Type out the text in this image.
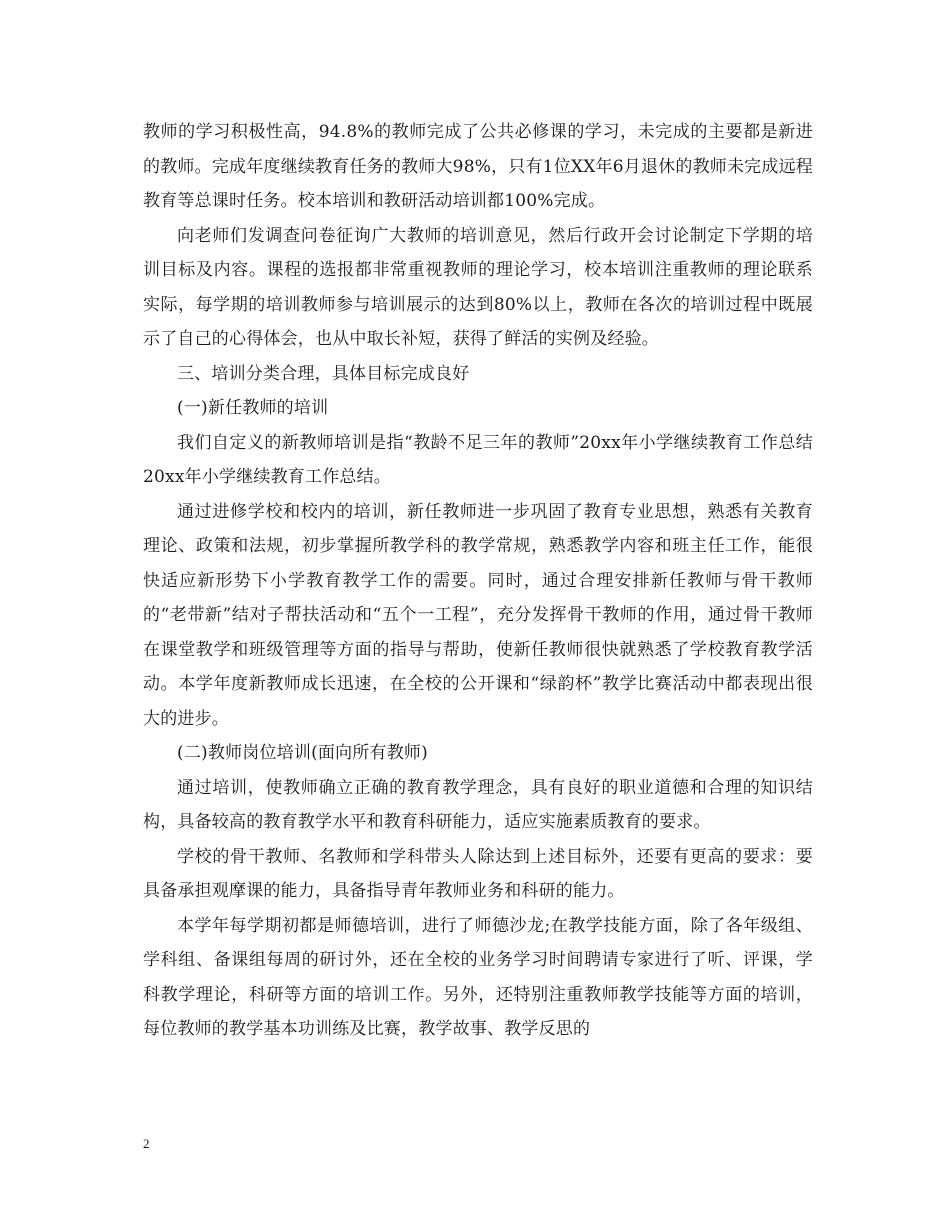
教师的学习积极性高，94.8%的教师完成了公共必修课的学习，未完成的主要都是新进的教师。完成年度继续教育任务的教师大98%，只有1位XX年6月退休的教师未完成远程教育等总课时任务。校本培训和教研活动培训都100%完成。

向老师们发调查问卷征询广大教师的培训意见，然后行政开会讨论制定下学期的培训目标及内容。课程的选报都非常重视教师的理论学习，校本培训注重教师的理论联系实际，每学期的培训教师参与培训展示的达到80%以上，教师在各次的培训过程中既展示了自己的心得体会，也从中取长补短，获得了鲜活的实例及经验。

三、培训分类合理，具体目标完成良好

(一)新任教师的培训

我们自定义的新教师培训是指“教龄不足三年的教师”20xx年小学继续教育工作总结20xx年小学继续教育工作总结。

通过进修学校和校内的培训，新任教师进一步巩固了教育专业思想，熟悉有关教育理论、政策和法规，初步掌握所教学科的教学常规，熟悉教学内容和班主任工作，能很快适应新形势下小学教育教学工作的需要。同时，通过合理安排新任教师与骨干教师的“老带新”结对子帮扶活动和“五个一工程”，充分发挥骨干教师的作用，通过骨干教师在课堂教学和班级管理等方面的指导与帮助，使新任教师很快就熟悉了学校教育教学活动。本学年度新教师成长迅速，在全校的公开课和“绿韵杯”教学比赛活动中都表现出很大的进步。

(二)教师岗位培训(面向所有教师)

通过培训，使教师确立正确的教育教学理念，具有良好的职业道德和合理的知识结构，具备较高的教育教学水平和教育科研能力，适应实施素质教育的要求。

学校的骨干教师、名教师和学科带头人除达到上述目标外，还要有更高的要求：要具备承担观摩课的能力，具备指导青年教师业务和科研的能力。

本学年每学期初都是师德培训，进行了师德沙龙;在教学技能方面，除了各年级组、学科组、备课组每周的研讨外，还在全校的业务学习时间聘请专家进行了听、评课，学科教学理论，科研等方面的培训工作。另外，还特别注重教师教学技能等方面的培训，每位教师的教学基本功训练及比赛，教学故事、教学反思的

2
